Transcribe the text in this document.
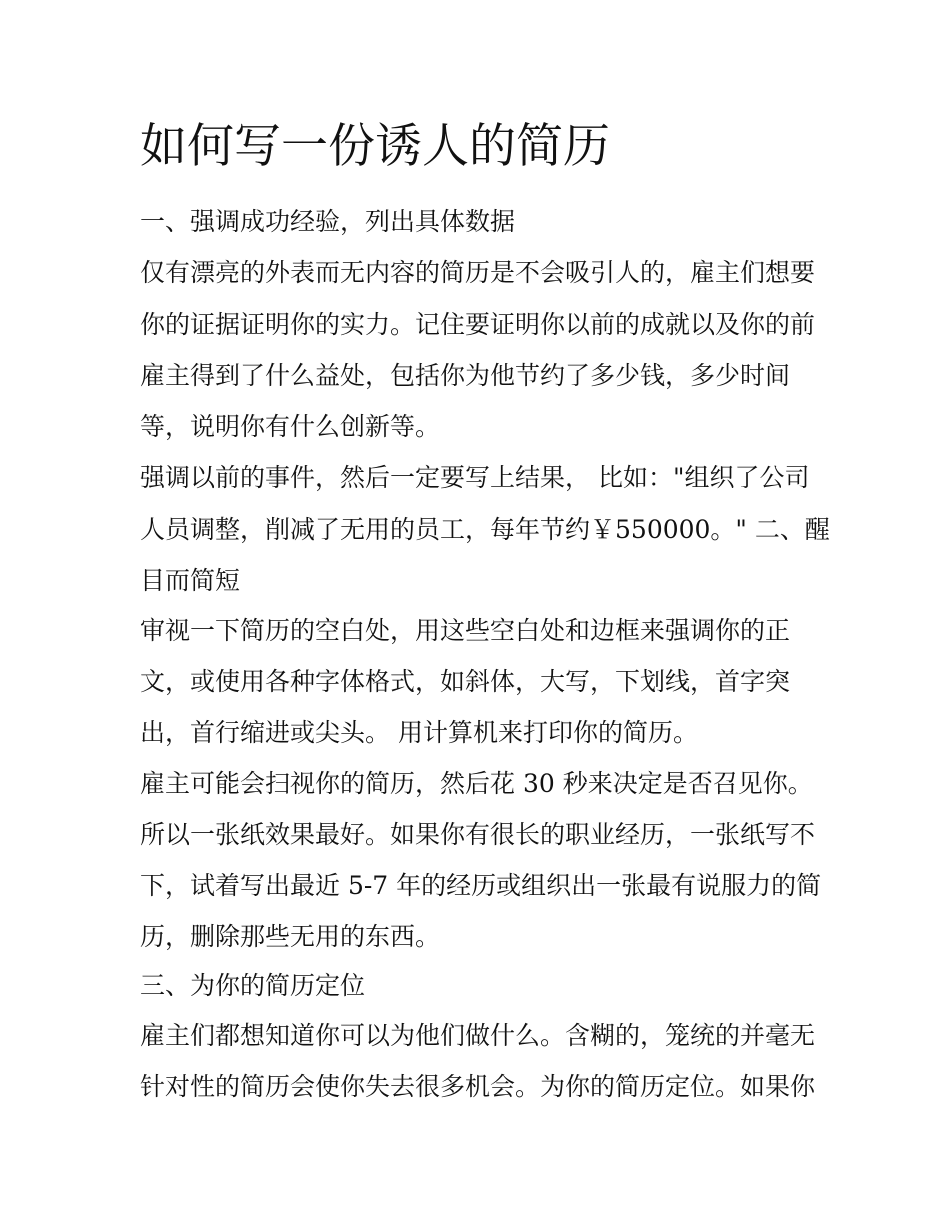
如何写一份诱人的简历
一、强调成功经验，列出具体数据
仅有漂亮的外表而无内容的简历是不会吸引人的，雇主们想要
你的证据证明你的实力。记住要证明你以前的成就以及你的前
雇主得到了什么益处，包括你为他节约了多少钱，多少时间
等，说明你有什么创新等。
强调以前的事件，然后一定要写上结果， 比如："组织了公司
人员调整，削减了无用的员工，每年节约￥550000。" 二、醒
目而简短
审视一下简历的空白处，用这些空白处和边框来强调你的正
文，或使用各种字体格式，如斜体，大写，下划线，首字突
出，首行缩进或尖头。 用计算机来打印你的简历。
雇主可能会扫视你的简历，然后花 30 秒来决定是否召见你。
所以一张纸效果最好。如果你有很长的职业经历，一张纸写不
下，试着写出最近 5-7 年的经历或组织出一张最有说服力的简
历，删除那些无用的东西。
三、为你的简历定位
雇主们都想知道你可以为他们做什么。含糊的，笼统的并毫无
针对性的简历会使你失去很多机会。为你的简历定位。如果你
